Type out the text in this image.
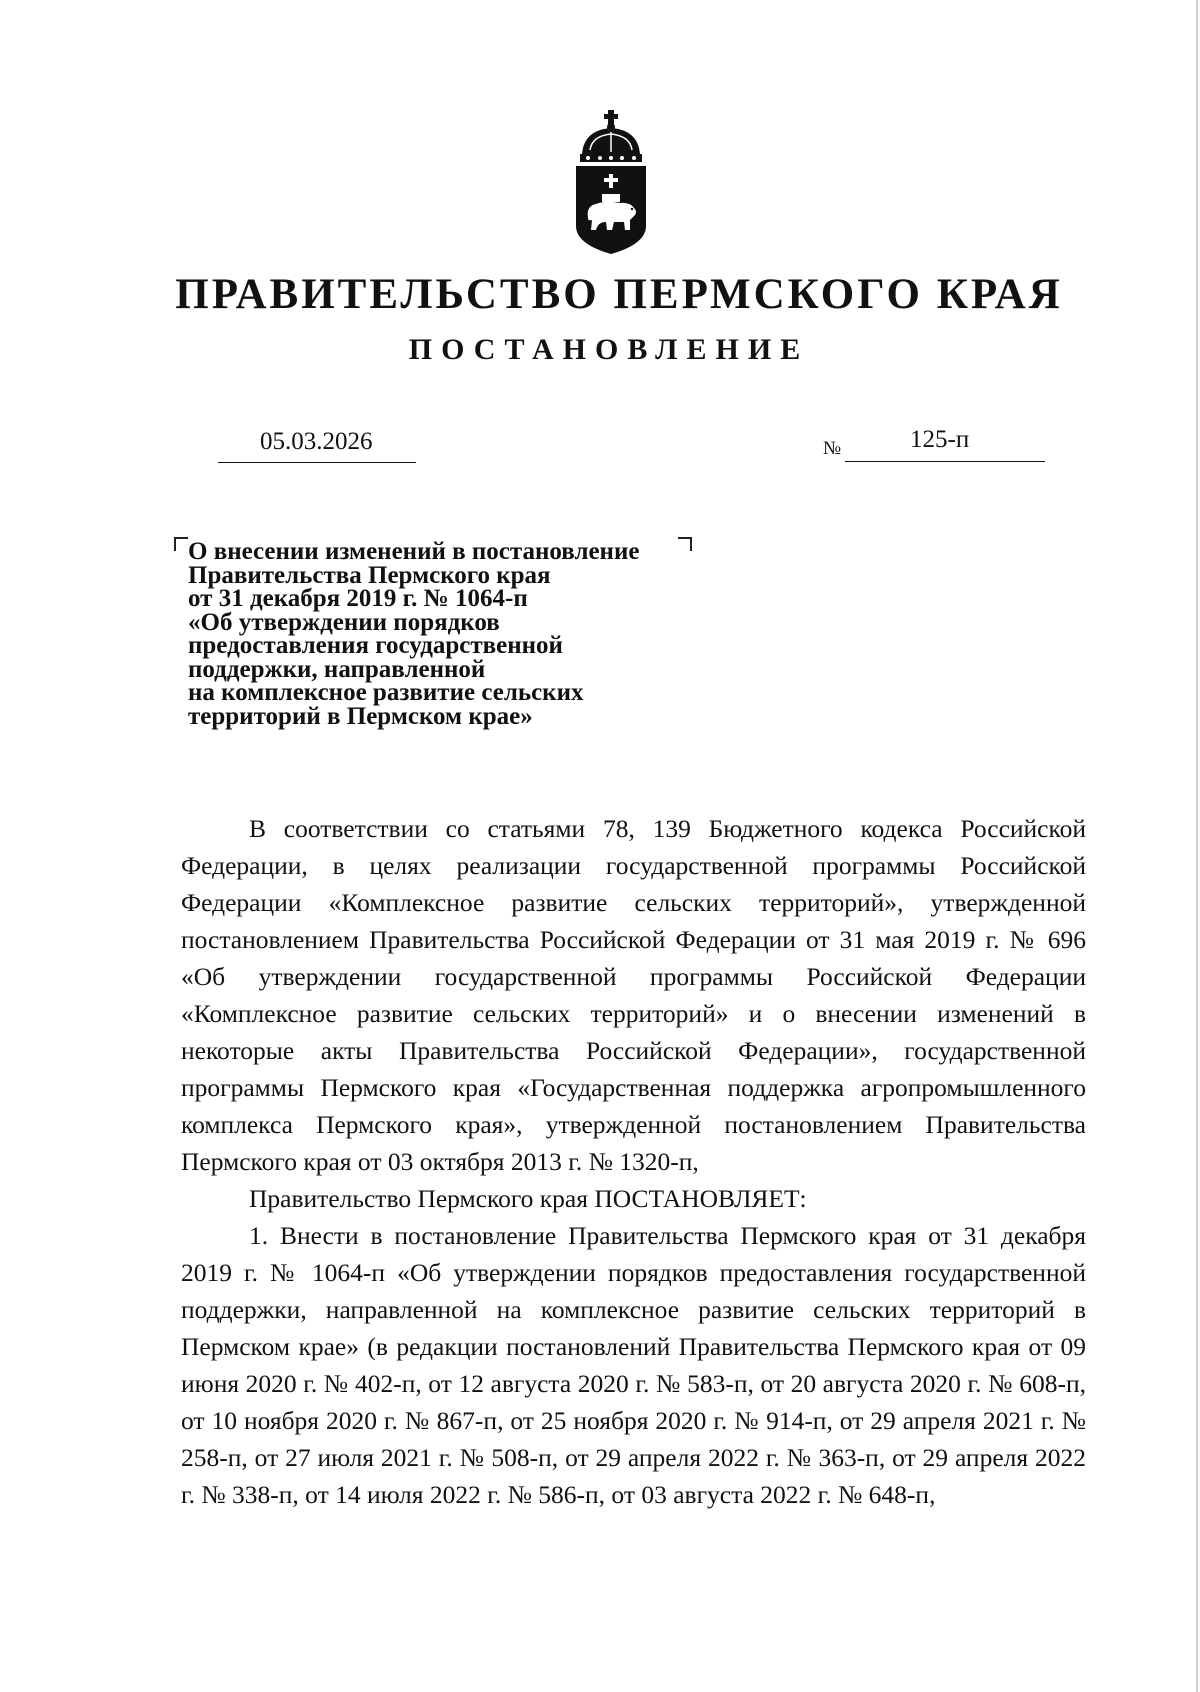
ПРАВИТЕЛЬСТВО ПЕРМСКОГО КРАЯ
ПОСТАНОВЛЕНИЕ
05.03.2026	№	125-п

О внесении изменений в постановление
Правительства Пермского края
от 31 декабря 2019 г. № 1064-п
«Об утверждении порядков
предоставления государственной
поддержки, направленной
на комплексное развитие сельских
территорий в Пермском крае»

В соответствии со статьями 78, 139 Бюджетного кодекса Российской Федерации, в целях реализации государственной программы Российской Федерации «Комплексное развитие сельских территорий», утвержденной постановлением Правительства Российской Федерации от 31 мая 2019 г. № 696 «Об утверждении государственной программы Российской Федерации «Комплексное развитие сельских территорий» и о внесении изменений в некоторые акты Правительства Российской Федерации», государственной программы Пермского края «Государственная поддержка агропромышленного комплекса Пермского края», утвержденной постановлением Правительства Пермского края от 03 октября 2013 г. № 1320-п,

Правительство Пермского края ПОСТАНОВЛЯЕТ:

1. Внести в постановление Правительства Пермского края от 31 декабря 2019 г. № 1064-п «Об утверждении порядков предоставления государственной поддержки, направленной на комплексное развитие сельских территорий в Пермском крае» (в редакции постановлений Правительства Пермского края от 09 июня 2020 г. № 402-п, от 12 августа 2020 г. № 583-п, от 20 августа 2020 г. № 608-п, от 10 ноября 2020 г. № 867-п, от 25 ноября 2020 г. № 914-п, от 29 апреля 2021 г. № 258-п, от 27 июля 2021 г. № 508-п, от 29 апреля 2022 г. № 363-п, от 29 апреля 2022 г. № 338-п, от 14 июля 2022 г. № 586-п, от 03 августа 2022 г. № 648-п,
